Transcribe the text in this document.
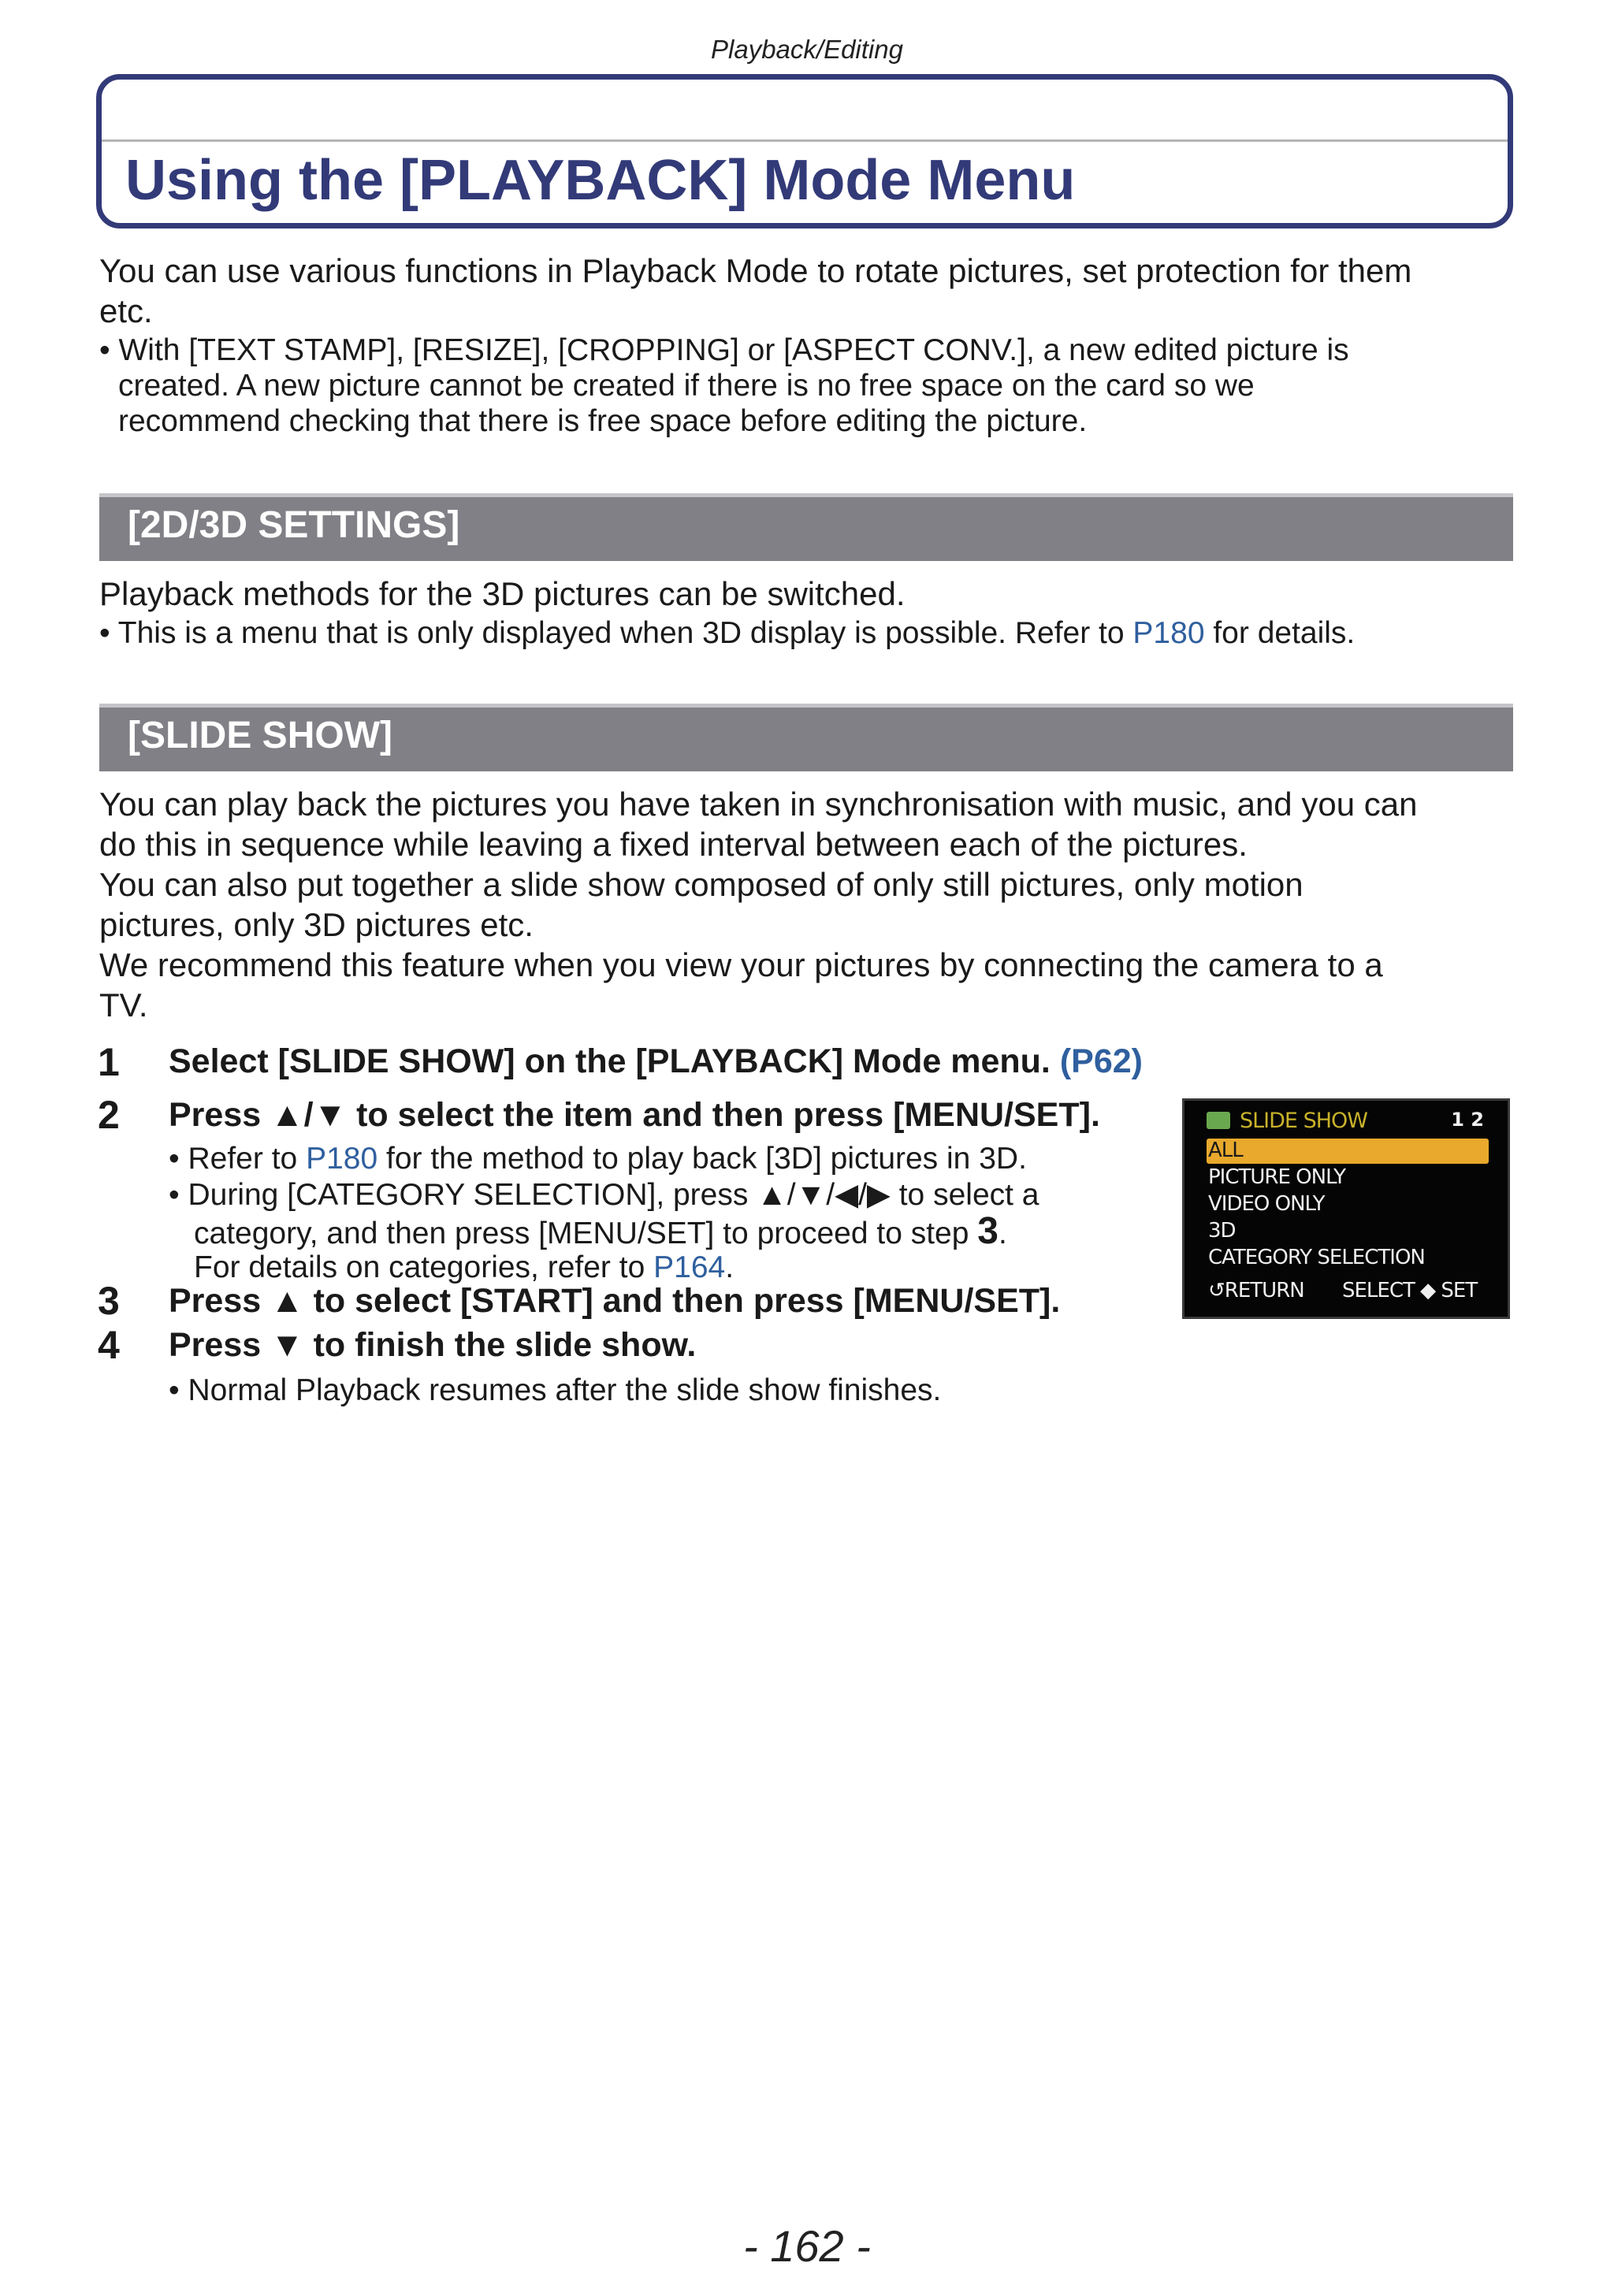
Playback/Editing
Using the [PLAYBACK] Mode Menu

You can use various functions in Playback Mode to rotate pictures, set protection for them

etc.

• With [TEXT STAMP], [RESIZE], [CROPPING] or [ASPECT CONV.], a new edited picture is

created. A new picture cannot be created if there is no free space on the card so we

recommend checking that there is free space before editing the picture.

[2D/3D SETTINGS]

Playback methods for the 3D pictures can be switched.

• This is a menu that is only displayed when 3D display is possible. Refer to P180 for details.

[SLIDE SHOW]

You can play back the pictures you have taken in synchronisation with music, and you can

do this in sequence while leaving a fixed interval between each of the pictures.

You can also put together a slide show composed of only still pictures, only motion

pictures, only 3D pictures etc.

We recommend this feature when you view your pictures by connecting the camera to a

TV.

1 Select [SLIDE SHOW] on the [PLAYBACK] Mode menu. (P62)

2 Press ▲/▼ to select the item and then press [MENU/SET].

• Refer to P180 for the method to play back [3D] pictures in 3D.
• During [CATEGORY SELECTION], press ▲/▼/◀/▶ to select a
category, and then press [MENU/SET] to proceed to step 3.
For details on categories, refer to P164.
3 Press ▲ to select [START] and then press [MENU/SET].

4 Press ▼ to finish the slide show.

• Normal Playback resumes after the slide show finishes.
SLIDE SHOW	1 2
ALL
PICTURE ONLY
VIDEO ONLY
3D
CATEGORY SELECTION
↺RETURN SELECT ◆ SET
- 162 -
